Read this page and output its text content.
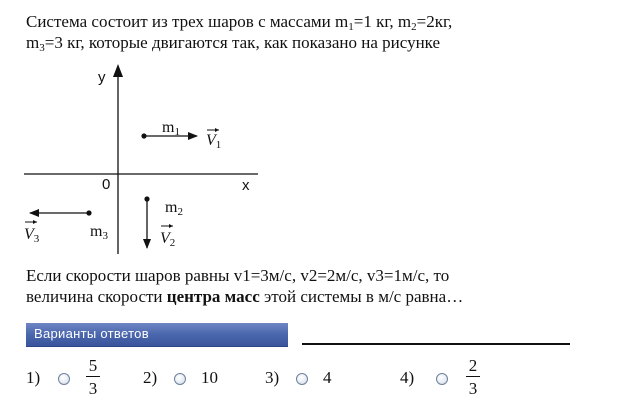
Система состоит из трех шаров с массами $m_1=1$ кг, $m_2=2кг$,
$m_3=3$ кг, которые двигаются так, как показано на рисунке
y
x
0
m1 V1
m2
V2
m3
V3
Если скорости шаров равны v1=3м/с, v2=2м/с, v3=1м/с, то
величина скорости центра масс этой системы в м/с равна…
Варианты ответов
1)
5
3
2)	10	3)	4	4)
2
3
